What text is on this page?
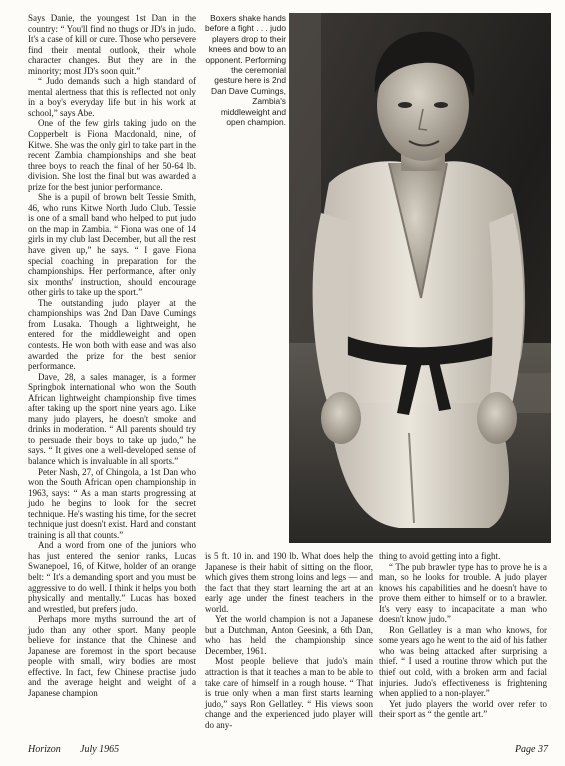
Says Danie, the youngest 1st Dan in the country: “ You'll find no thugs or JD's in judo. It's a case of kill or cure. Those who persevere find their mental outlook, their whole character changes. But they are in the minority; most JD's soon quit.”

“ Judo demands such a high standard of mental alertness that this is reflected not only in a boy's everyday life but in his work at school,” says Abe.

One of the few girls taking judo on the Copperbelt is Fiona Macdonald, nine, of Kitwe. She was the only girl to take part in the recent Zambia championships and she beat three boys to reach the final of her 50-64 lb. division. She lost the final but was awarded a prize for the best junior performance.

She is a pupil of brown belt Tessie Smith, 46, who runs Kitwe North Judo Club. Tessie is one of a small band who helped to put judo on the map in Zambia. “ Fiona was one of 14 girls in my club last December, but all the rest have given up,” he says. “ I gave Fiona special coaching in preparation for the championships. Her performance, after only six months' instruction, should encourage other girls to take up the sport.”

The outstanding judo player at the championships was 2nd Dan Dave Cumings from Lusaka. Though a lightweight, he entered for the middleweight and open contests. He won both with ease and was also awarded the prize for the best senior performance.

Dave, 28, a sales manager, is a former Springbok international who won the South African lightweight championship five times after taking up the sport nine years ago. Like many judo players, he doesn't smoke and drinks in moderation. “ All parents should try to persuade their boys to take up judo,” he says. “ It gives one a well-developed sense of balance which is invaluable in all sports.”

Peter Nash, 27, of Chingola, a 1st Dan who won the South African open championship in 1963, says: “ As a man starts progressing at judo he begins to look for the secret technique. He's wasting his time, for the secret technique just doesn't exist. Hard and constant training is all that counts.”

And a word from one of the juniors who has just entered the senior ranks, Lucas Swanepoel, 16, of Kitwe, holder of an orange belt: “ It's a demanding sport and you must be aggressive to do well. I think it helps you both physically and mentally.” Lucas has boxed and wrestled, but prefers judo.

Perhaps more myths surround the art of judo than any other sport. Many people believe for instance that the Chinese and Japanese are foremost in the sport because people with small, wiry bodies are most effective. In fact, few Chinese practise judo and the average height and weight of a Japanese champion

Boxers shake hands before a fight . . . judo players drop to their knees and bow to an opponent. Performing the ceremonial gesture here is 2nd Dan Dave Cumings, Zambia's middleweight and open champion.

is 5 ft. 10 in. and 190 lb. What does help the Japanese is their habit of sitting on the floor, which gives them strong loins and legs — and the fact that they start learning the art at an early age under the finest teachers in the world.

Yet the world champion is not a Japanese but a Dutchman, Anton Geesink, a 6th Dan, who has held the championship since December, 1961.

Most people believe that judo's main attraction is that it teaches a man to be able to take care of himself in a rough house. “ That is true only when a man first starts learning judo,” says Ron Gellatley. “ His views soon change and the experienced judo player will do any-

thing to avoid getting into a fight.

“ The pub brawler type has to prove he is a man, so he looks for trouble. A judo player knows his capabilities and he doesn't have to prove them either to himself or to a brawler. It's very easy to incapacitate a man who doesn't know judo.”

Ron Gellatley is a man who knows, for some years ago he went to the aid of his father who was being attacked after surprising a thief. “ I used a routine throw which put the thief out cold, with a broken arm and facial injuries. Judo's effectiveness is frightening when applied to a non-player.”

Yet judo players the world over refer to their sport as “ the gentle art.”

Horizon July 1965	Page 37
